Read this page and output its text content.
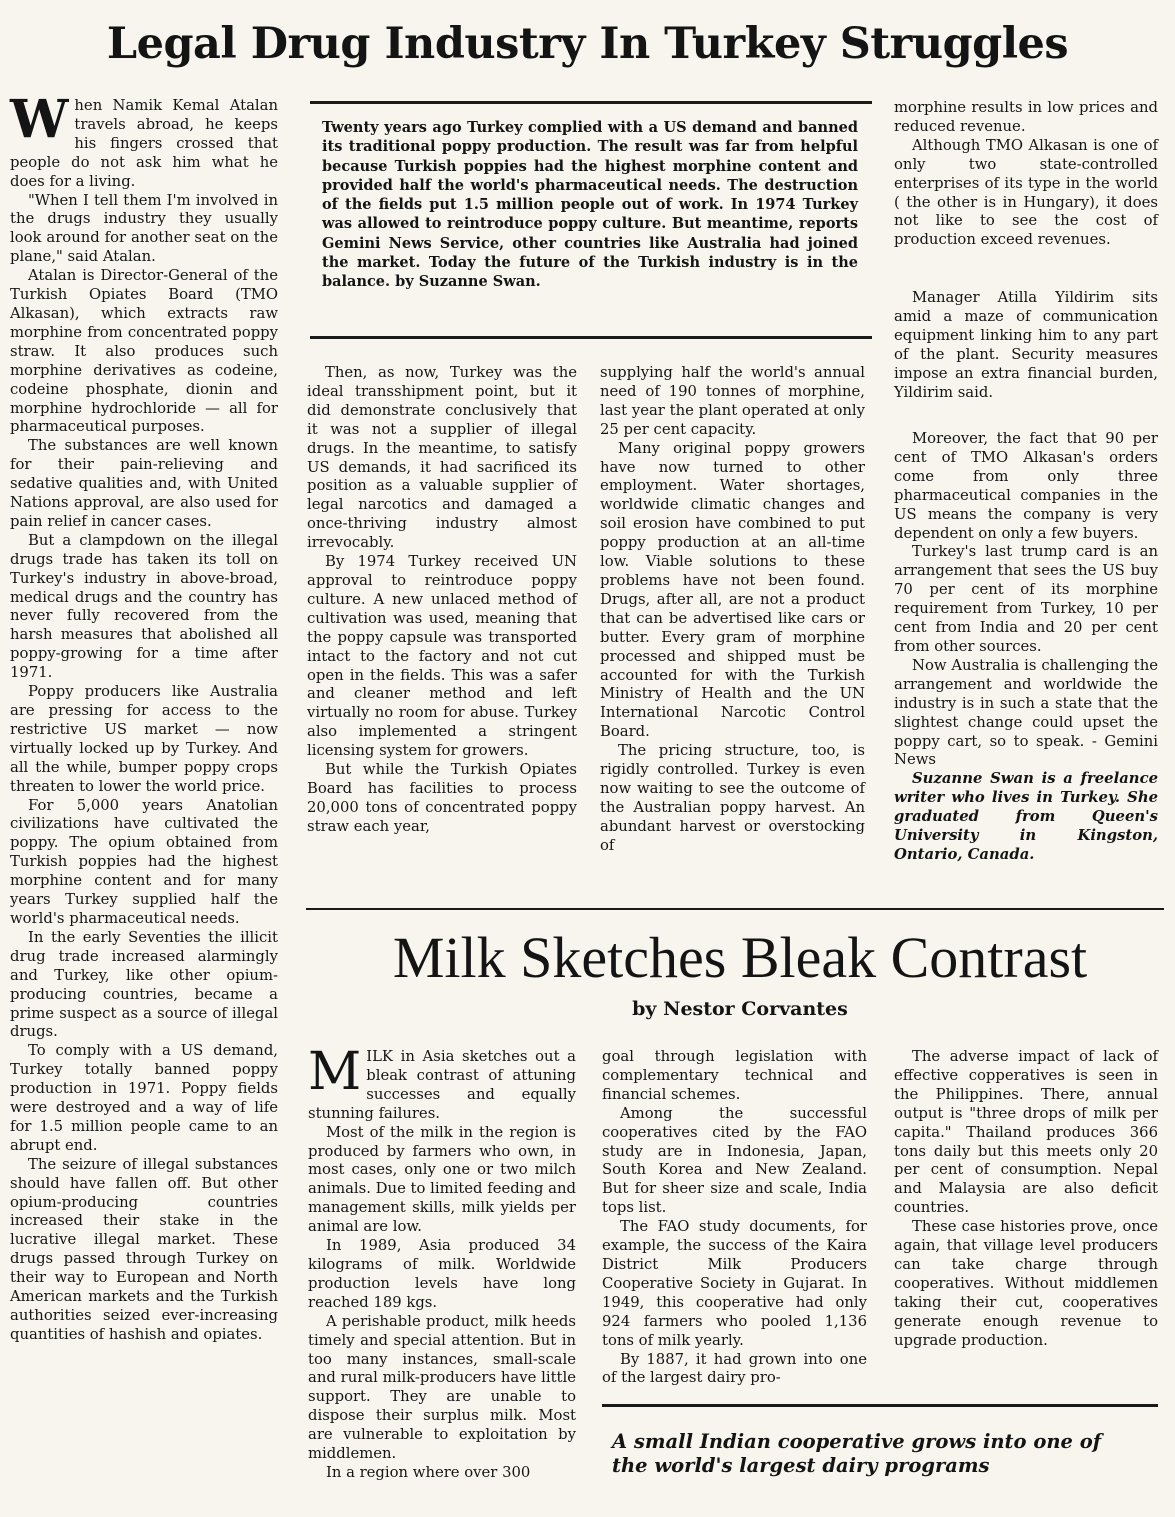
Legal Drug Industry In Turkey Struggles
W hen Namik Kemal Atalan travels abroad, he keeps his fingers crossed that people do not ask him what he does for a living.

"When I tell them I'm involved in the drugs industry they usually look around for another seat on the plane," said Atalan.

Atalan is Director-General of the Turkish Opiates Board (TMO Alkasan), which extracts raw morphine from concentrated poppy straw. It also produces such morphine derivatives as codeine, codeine phosphate, dionin and morphine hydrochloride — all for pharmaceutical purposes.

The substances are well known for their pain-relieving and sedative qualities and, with United Nations approval, are also used for pain relief in cancer cases.

But a clampdown on the illegal drugs trade has taken its toll on Turkey's industry in above-broad, medical drugs and the country has never fully recovered from the harsh measures that abolished all poppy-growing for a time after 1971.

Poppy producers like Australia are pressing for access to the restrictive US market — now virtually locked up by Turkey. And all the while, bumper poppy crops threaten to lower the world price.

For 5,000 years Anatolian civilizations have cultivated the poppy. The opium obtained from Turkish poppies had the highest morphine content and for many years Turkey supplied half the world's pharmaceutical needs.

In the early Seventies the illicit drug trade increased alarmingly and Turkey, like other opium-producing countries, became a prime suspect as a source of illegal drugs.

To comply with a US demand, Turkey totally banned poppy production in 1971. Poppy fields were destroyed and a way of life for 1.5 million people came to an abrupt end.

The seizure of illegal substances should have fallen off. But other opium-producing countries increased their stake in the lucrative illegal market. These drugs passed through Turkey on their way to European and North American markets and the Turkish authorities seized ever-increasing quantities of hashish and opiates.

Twenty years ago Turkey complied with a US demand and banned its traditional poppy production. The result was far from helpful because Turkish poppies had the highest morphine content and provided half the world's pharmaceutical needs. The destruction of the fields put 1.5 million people out of work. In 1974 Turkey was allowed to reintroduce poppy culture. But meantime, reports Gemini News Service, other countries like Australia had joined the market. Today the future of the Turkish industry is in the balance. by Suzanne Swan.

Then, as now, Turkey was the ideal transshipment point, but it did demonstrate conclusively that it was not a supplier of illegal drugs. In the meantime, to satisfy US demands, it had sacrificed its position as a valuable supplier of legal narcotics and damaged a once-thriving industry almost irrevocably.

By 1974 Turkey received UN approval to reintroduce poppy culture. A new unlaced method of cultivation was used, meaning that the poppy capsule was transported intact to the factory and not cut open in the fields. This was a safer and cleaner method and left virtually no room for abuse. Turkey also implemented a stringent licensing system for growers.

But while the Turkish Opiates Board has facilities to process 20,000 tons of concentrated poppy straw each year,

supplying half the world's annual need of 190 tonnes of morphine, last year the plant operated at only 25 per cent capacity.

Many original poppy growers have now turned to other employment. Water shortages, worldwide climatic changes and soil erosion have combined to put poppy production at an all-time low. Viable solutions to these problems have not been found. Drugs, after all, are not a product that can be advertised like cars or butter. Every gram of morphine processed and shipped must be accounted for with the Turkish Ministry of Health and the UN International Narcotic Control Board.

The pricing structure, too, is rigidly controlled. Turkey is even now waiting to see the outcome of the Australian poppy harvest. An abundant harvest or overstocking of

morphine results in low prices and reduced revenue.

Although TMO Alkasan is one of only two state-controlled enterprises of its type in the world ( the other is in Hungary), it does not like to see the cost of production exceed revenues.

Manager Atilla Yildirim sits amid a maze of communication equipment linking him to any part of the plant. Security measures impose an extra financial burden, Yildirim said.

Moreover, the fact that 90 per cent of TMO Alkasan's orders come from only three pharmaceutical companies in the US means the company is very dependent on only a few buyers.

Turkey's last trump card is an arrangement that sees the US buy 70 per cent of its morphine requirement from Turkey, 10 per cent from India and 20 per cent from other sources.

Now Australia is challenging the arrangement and worldwide the industry is in such a state that the slightest change could upset the poppy cart, so to speak. - Gemini News

Suzanne Swan is a freelance writer who lives in Turkey. She graduated from Queen's University in Kingston, Ontario, Canada.

Milk Sketches Bleak Contrast
by Nestor Corvantes
M ILK in Asia sketches out a bleak contrast of attuning successes and equally stunning failures.

Most of the milk in the region is produced by farmers who own, in most cases, only one or two milch animals. Due to limited feeding and management skills, milk yields per animal are low.

In 1989, Asia produced 34 kilograms of milk. Worldwide production levels have long reached 189 kgs.

A perishable product, milk heeds timely and special attention. But in too many instances, small-scale and rural milk-producers have little support. They are unable to dispose their surplus milk. Most are vulnerable to exploitation by middlemen.

In a region where over 300

goal through legislation with complementary technical and financial schemes.

Among the successful cooperatives cited by the FAO study are in Indonesia, Japan, South Korea and New Zealand. But for sheer size and scale, India tops list.

The FAO study documents, for example, the success of the Kaira District Milk Producers Cooperative Society in Gujarat. In 1949, this cooperative had only 924 farmers who pooled 1,136 tons of milk yearly.

By 1887, it had grown into one of the largest dairy pro-

The adverse impact of lack of effective copperatives is seen in the Philippines. There, annual output is "three drops of milk per capita." Thailand produces 366 tons daily but this meets only 20 per cent of consumption. Nepal and Malaysia are also deficit countries.

These case histories prove, once again, that village level producers can take charge through cooperatives. Without middlemen taking their cut, cooperatives generate enough revenue to upgrade production.

A small Indian cooperative grows into one of the world's largest dairy programs
